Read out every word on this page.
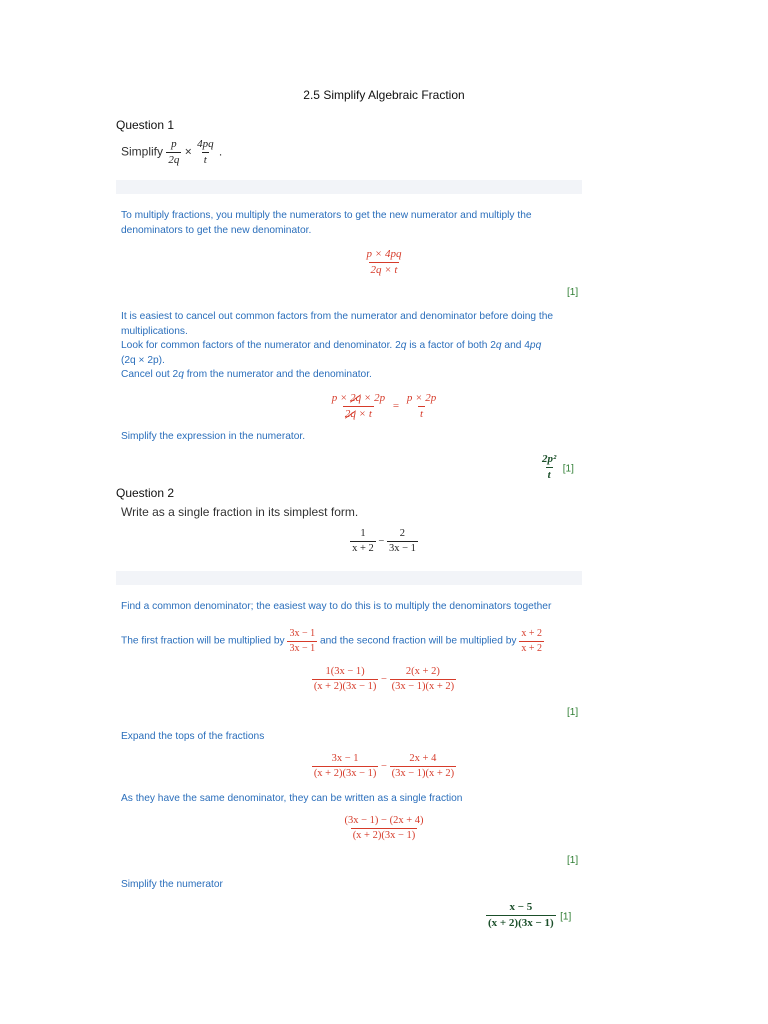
2.5 Simplify Algebraic Fraction
Question 1
Simplify $\frac{p}{2q} \times \frac{4pq}{t}$ .
To multiply fractions, you multiply the numerators to get the new numerator and multiply the denominators to get the new denominator.
$\frac{p \times 4pq}{2q \times t}$
[1]
It is easiest to cancel out common factors from the numerator and denominator before doing the multiplications.
Look for common factors of the numerator and denominator. 2q is a factor of both 2q and 4pq
(2q × 2p).
Cancel out 2q from the numerator and the denominator.
$\frac{p \times 2q \times 2p}{2q \times t} = \frac{p \times 2p}{t}$
Simplify the expression in the numerator.
$\frac{\text{2p²}}{t} [1]$
Question 2
Write as a single fraction in its simplest form.
$\frac{1}{x + 2} - \frac{2}{3x - 1}$
Find a common denominator; the easiest way to do this is to multiply the denominators together
The first fraction will be multiplied by $\frac{3x - 1}{3x - 1}$ and the second fraction will be multiplied by $\frac{x + 2}{x + 2}$
$\frac{1(3x - 1)}{(x + 2)(3x - 1)} - \frac{2(x + 2)}{(3x - 1)(x + 2)}$
[1]
Expand the tops of the fractions
$\frac{3x - 1}{(x + 2)(3x - 1)} - \frac{2x + 4}{(3x - 1)(x + 2)}$
As they have the same denominator, they can be written as a single fraction
$\frac{(3x - 1) - (2x + 4)}{(x + 2)(3x - 1)}$
[1]
Simplify the numerator
$\frac{x - 5}{(x + 2)(3x - 1)} [1]$
